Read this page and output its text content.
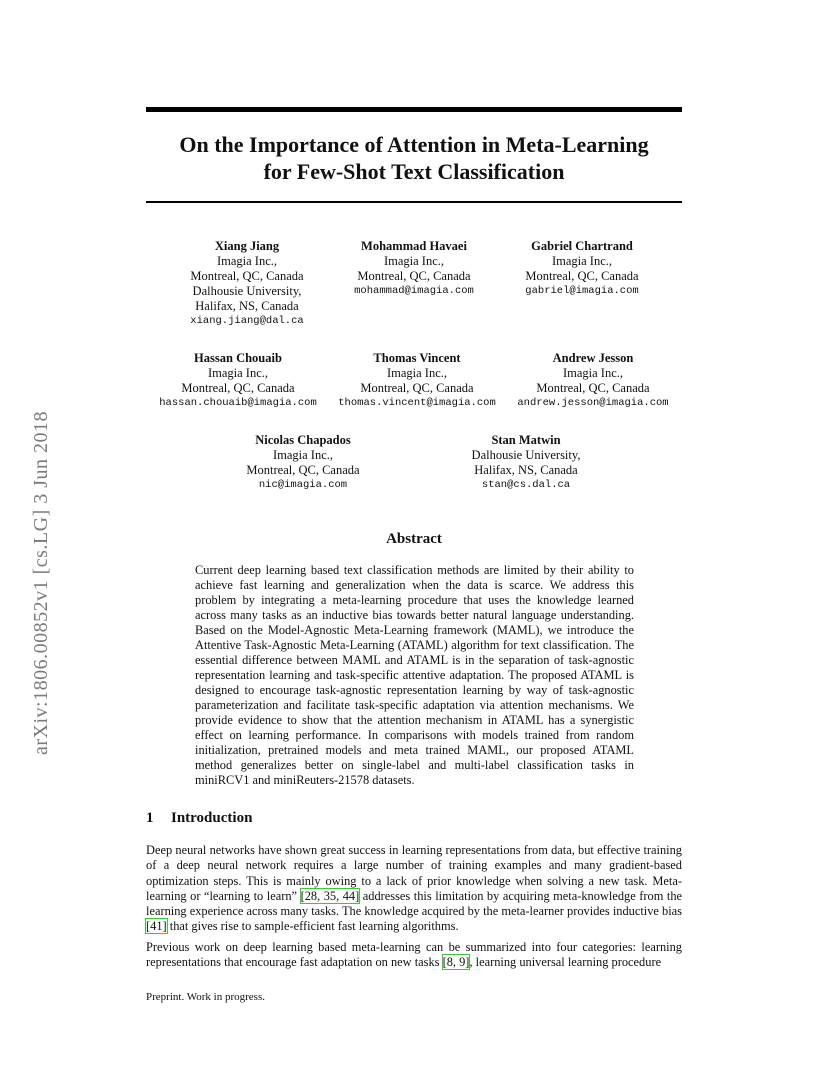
On the Importance of Attention in Meta-Learning
for Few-Shot Text Classification
arXiv:1806.00852v1 [cs.LG] 3 Jun 2018
Xiang Jiang
Imagia Inc.,
Montreal, QC, Canada
Dalhousie University,
Halifax, NS, Canada
xiang.jiang@dal.ca
Mohammad Havaei
Imagia Inc.,
Montreal, QC, Canada
mohammad@imagia.com
Gabriel Chartrand
Imagia Inc.,
Montreal, QC, Canada
gabriel@imagia.com
Hassan Chouaib
Imagia Inc.,
Montreal, QC, Canada
hassan.chouaib@imagia.com
Thomas Vincent
Imagia Inc.,
Montreal, QC, Canada
thomas.vincent@imagia.com
Andrew Jesson
Imagia Inc.,
Montreal, QC, Canada
andrew.jesson@imagia.com
Nicolas Chapados
Imagia Inc.,
Montreal, QC, Canada
nic@imagia.com
Stan Matwin
Dalhousie University,
Halifax, NS, Canada
stan@cs.dal.ca
Abstract

Current deep learning based text classification methods are limited by their ability to achieve fast learning and generalization when the data is scarce. We address this problem by integrating a meta-learning procedure that uses the knowledge learned across many tasks as an inductive bias towards better natural language understanding. Based on the Model-Agnostic Meta-Learning framework (MAML), we introduce the Attentive Task-Agnostic Meta-Learning (ATAML) algorithm for text classification. The essential difference between MAML and ATAML is in the separation of task-agnostic representation learning and task-specific attentive adaptation. The proposed ATAML is designed to encourage task-agnostic representation learning by way of task-agnostic parameterization and facilitate task-specific adaptation via attention mechanisms. We provide evidence to show that the attention mechanism in ATAML has a synergistic effect on learning performance. In comparisons with models trained from random initialization, pretrained models and meta trained MAML, our proposed ATAML method generalizes better on single-label and multi-label classification tasks in miniRCV1 and miniReuters-21578 datasets.

1 Introduction

Deep neural networks have shown great success in learning representations from data, but effective training of a deep neural network requires a large number of training examples and many gradient-based optimization steps. This is mainly owing to a lack of prior knowledge when solving a new task. Meta-learning or “learning to learn” [28, 35, 44] addresses this limitation by acquiring meta-knowledge from the learning experience across many tasks. The knowledge acquired by the meta-learner provides inductive bias [41] that gives rise to sample-efficient fast learning algorithms.

Previous work on deep learning based meta-learning can be summarized into four categories: learning representations that encourage fast adaptation on new tasks [8, 9], learning universal learning procedure

Preprint. Work in progress.
